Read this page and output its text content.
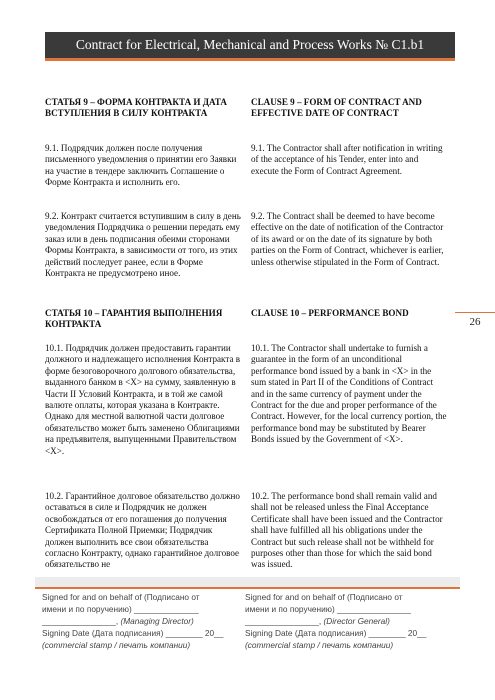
Contract for Electrical, Mechanical and Process Works № C1.b1
26

СТАТЬЯ 9 – ФОРМА КОНТРАКТА И ДАТА ВСТУПЛЕНИЯ В СИЛУ КОНТРАКТА

9.1. Подрядчик должен после получения письменного уведомления о принятии его Заявки на участие в тендере заключить Соглашение о Форме Контракта и исполнить его.

9.2. Контракт считается вступившим в силу в день уведомления Подрядчика о решении передать ему заказ или в день подписания обеими сторонами Формы Контракта, в зависимости от того, из этих действий последует ранее, если в Форме Контракта не предусмотрено иное.

СТАТЬЯ 10 – ГАРАНТИЯ ВЫПОЛНЕНИЯ КОНТРАКТА

10.1. Подрядчик должен предоставить гарантии должного и надлежащего исполнения Контракта в форме безоговорочного долгового обязательства, выданного банком в <X> на сумму, заявленную в Части II Условий Контракта, и в той же самой валюте оплаты, которая указана в Контракте. Однако для местной валютной части долговое обязательство может быть заменено Облигациями на предъявителя, выпущенными Правительством <X>.

10.2. Гарантийное долговое обязательство должно оставаться в силе и Подрядчик не должен освобождаться от его погашения до получения Сертификата Полной Приемки; Подрядчик должен выполнить все свои обязательства согласно Контракту, однако гарантийное долговое обязательство не

CLAUSE 9 – FORM OF CONTRACT AND EFFECTIVE DATE OF CONTRACT

9.1. The Contractor shall after notification in writing of the acceptance of his Tender, enter into and execute the Form of Contract Agreement.

9.2. The Contract shall be deemed to have become effective on the date of notification of the Contractor of its award or on the date of its signature by both parties on the Form of Contract, whichever is earlier, unless otherwise stipulated in the Form of Contract.

CLAUSE 10 – PERFORMANCE BOND

10.1. The Contractor shall undertake to furnish a guarantee in the form of an unconditional performance bond issued by a bank in <X> in the sum stated in Part II of the Conditions of Contract and in the same currency of payment under the Contract for the due and proper performance of the Contract. However, for the local currency portion, the performance bond may be substituted by Bearer Bonds issued by the Government of <X>.

10.2. The performance bond shall remain valid and shall not be released unless the Final Acceptance Certificate shall have been issued and the Contractor shall have fulfilled all his obligations under the Contract but such release shall not be withheld for purposes other than those for which the said bond was issued.

Signed for and on behalf of (Подписано от
имени и по поручению) ______________
________________, (Managing Director)
Signing Date (Дата подписания) ________ 20__
(commercial stamp / печать компании)
Signed for and on behalf of (Подписано от
имени и по поручению) ________________
________________, (Director General)
Signing Date (Дата подписания) ________ 20__
(commercial stamp / печать компании)
